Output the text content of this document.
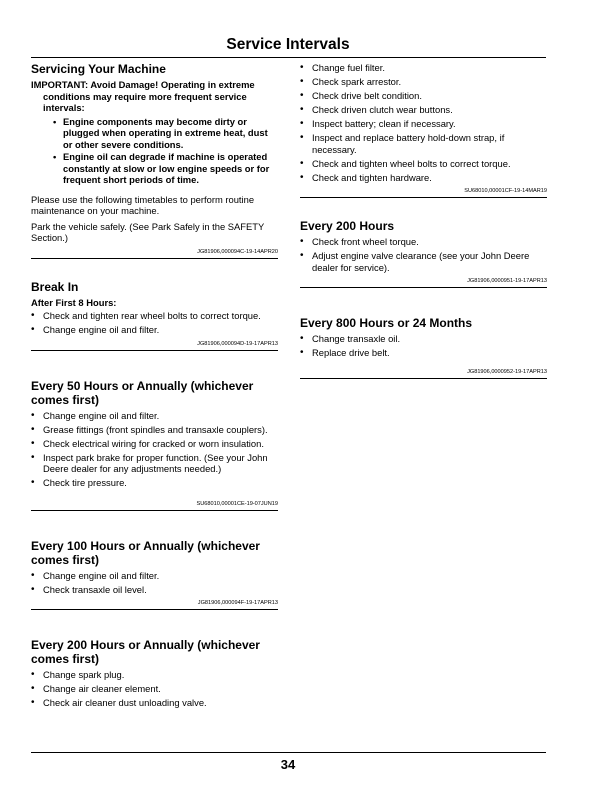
Service Intervals
Servicing Your Machine
IMPORTANT: Avoid Damage! Operating in extreme conditions may require more frequent service intervals:
• Engine components may become dirty or plugged when operating in extreme heat, dust or other severe conditions.
• Engine oil can degrade if machine is operated constantly at slow or low engine speeds or for frequent short periods of time.
Please use the following timetables to perform routine maintenance on your machine.
Park the vehicle safely. (See Park Safely in the SAFETY Section.)
JG81906,000094C-19-14APR20
Break In
After First 8 Hours:
• Check and tighten rear wheel bolts to correct torque.
• Change engine oil and filter.
JG81906,000094D-19-17APR13
Every 50 Hours or Annually (whichever comes first)
• Change engine oil and filter.
• Grease fittings (front spindles and transaxle couplers).
• Check electrical wiring for cracked or worn insulation.
• Inspect park brake for proper function. (See your John Deere dealer for any adjustments needed.)
• Check tire pressure.
SU68010,00001CE-19-07JUN19
Every 100 Hours or Annually (whichever comes first)
• Change engine oil and filter.
• Check transaxle oil level.
JG81906,000094F-19-17APR13
Every 200 Hours or Annually (whichever comes first)
• Change spark plug.
• Change air cleaner element.
• Check air cleaner dust unloading valve.
• Change fuel filter.
• Check spark arrestor.
• Check drive belt condition.
• Check driven clutch wear buttons.
• Inspect battery; clean if necessary.
• Inspect and replace battery hold-down strap, if necessary.
• Check and tighten wheel bolts to correct torque.
• Check and tighten hardware.
SU68010,00001CF-19-14MAR19
Every 200 Hours
• Check front wheel torque.
• Adjust engine valve clearance (see your John Deere dealer for service).
JG81906,0000951-19-17APR13
Every 800 Hours or 24 Months
• Change transaxle oil.
• Replace drive belt.
JG81906,0000952-19-17APR13
34
